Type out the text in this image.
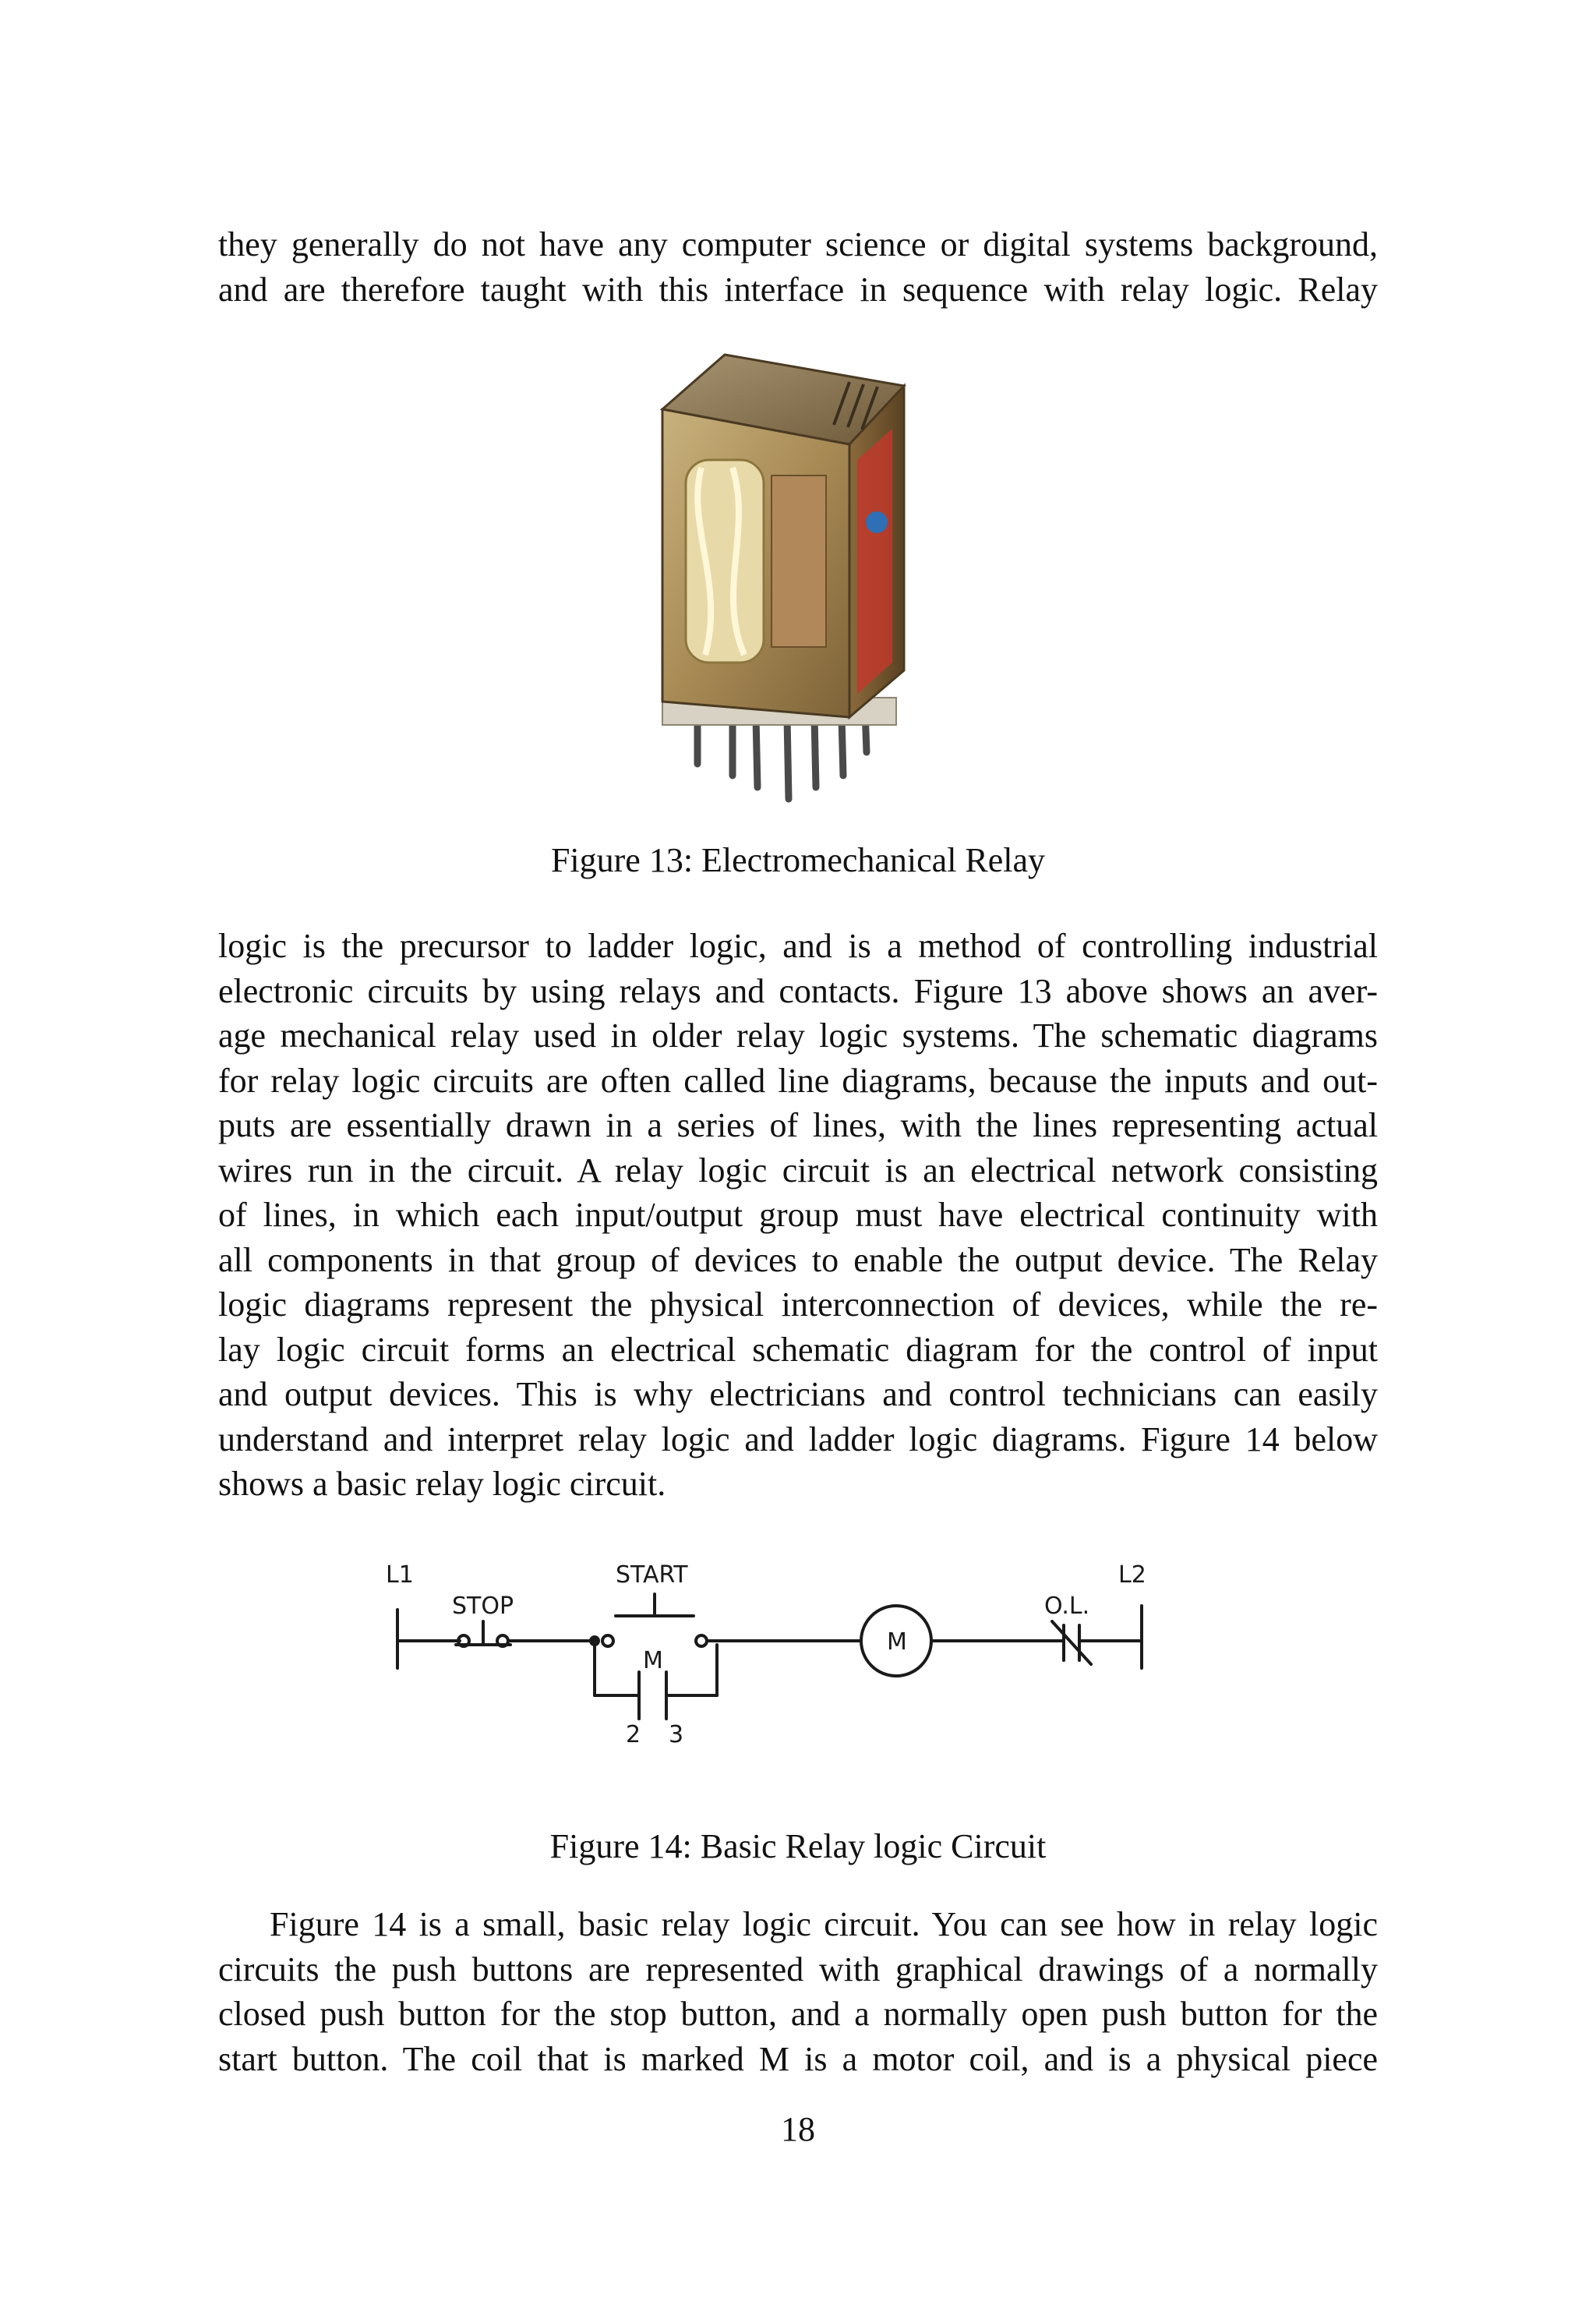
they generally do not have any computer science or digital systems background,
and are therefore taught with this interface in sequence with relay logic. Relay

Figure 13: Electromechanical Relay

logic is the precursor to ladder logic, and is a method of controlling industrial
electronic circuits by using relays and contacts. Figure 13 above shows an aver-
age mechanical relay used in older relay logic systems. The schematic diagrams
for relay logic circuits are often called line diagrams, because the inputs and out-
puts are essentially drawn in a series of lines, with the lines representing actual
wires run in the circuit. A relay logic circuit is an electrical network consisting
of lines, in which each input/output group must have electrical continuity with
all components in that group of devices to enable the output device. The Relay
logic diagrams represent the physical interconnection of devices, while the re-
lay logic circuit forms an electrical schematic diagram for the control of input
and output devices. This is why electricians and control technicians can easily
understand and interpret relay logic and ladder logic diagrams. Figure 14 below
shows a basic relay logic circuit.
L1	L2
STOP
START
M
M
O.L.
2 3

Figure 14: Basic Relay logic Circuit

Figure 14 is a small, basic relay logic circuit. You can see how in relay logic
circuits the push buttons are represented with graphical drawings of a normally
closed push button for the stop button, and a normally open push button for the
start button. The coil that is marked M is a motor coil, and is a physical piece

18
